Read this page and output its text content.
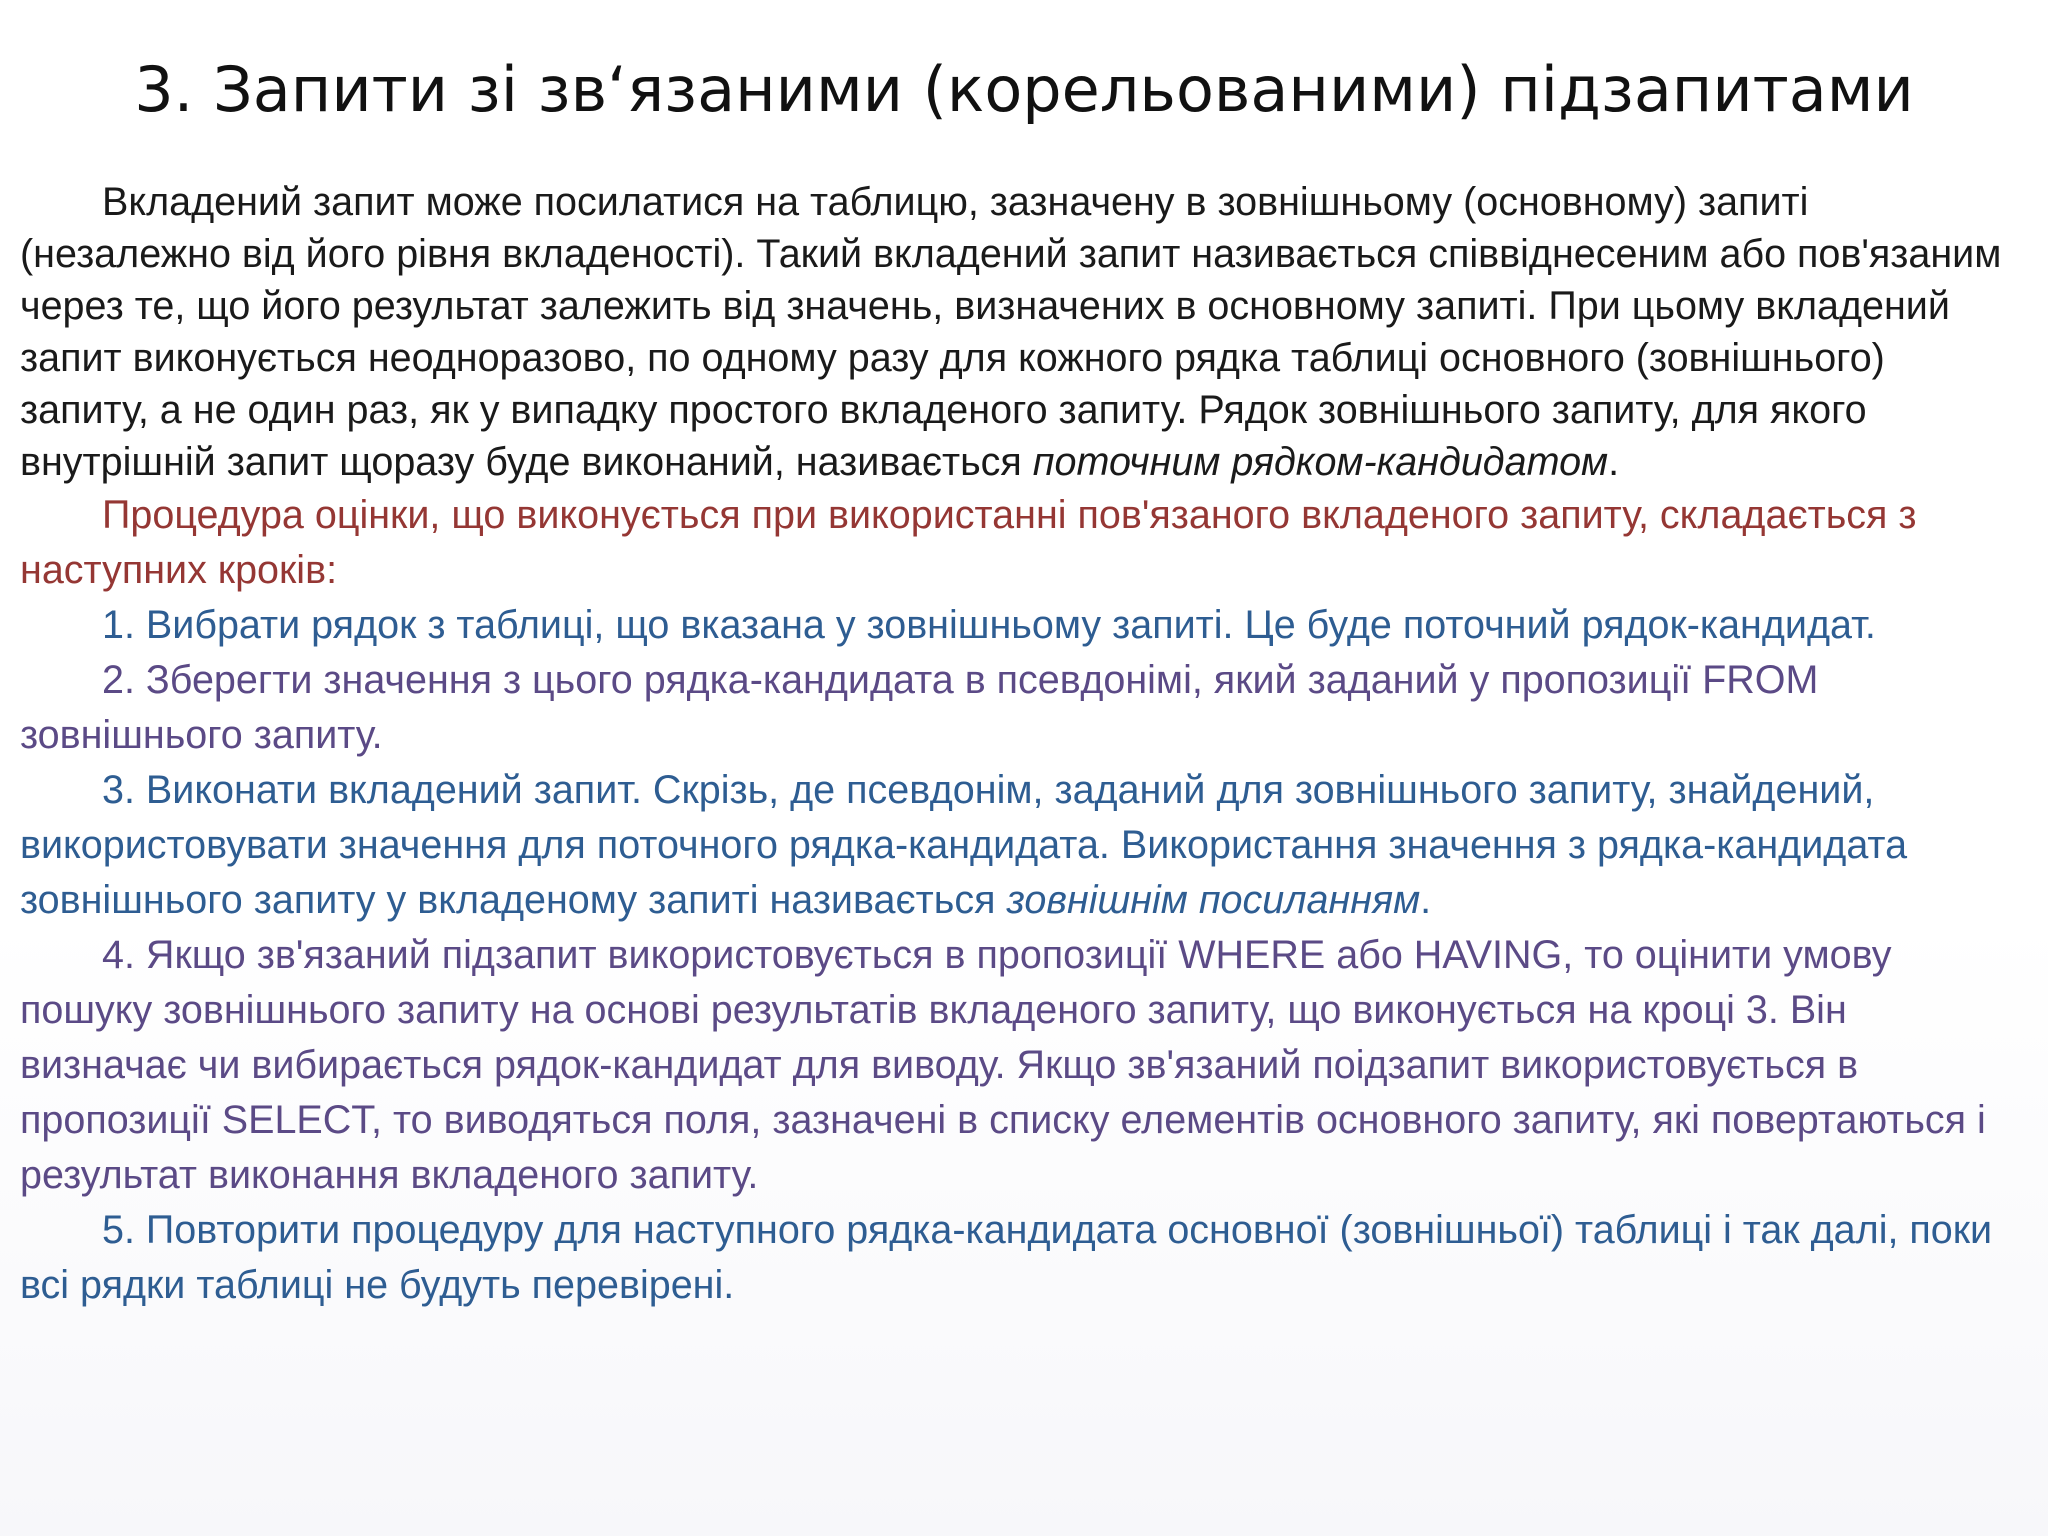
3. Запити зі зв‘язаними (корельованими) підзапитами

Вкладений запит може посилатися на таблицю, зазначену в зовнішньому (основному) запиті (незалежно від його рівня вкладеності). Такий вкладений запит називається співвіднесеним або пов'язаним через те, що його результат залежить від значень, визначених в основному запиті. При цьому вкладений запит виконується неодноразово, по одному разу для кожного рядка таблиці основного (зовнішнього) запиту, а не один раз, як у випадку простого вкладеного запиту. Рядок зовнішнього запиту, для якого внутрішній запит щоразу буде виконаний, називається поточним рядком-кандидатом.

Процедура оцінки, що виконується при використанні пов'язаного вкладеного запиту, складається з наступних кроків:

1. Вибрати рядок з таблиці, що вказана у зовнішньому запиті. Це буде поточний рядок-кандидат.

2. Зберегти значення з цього рядка-кандидата в псевдонімі, який заданий у пропозиції FROM зовнішнього запиту.

3. Виконати вкладений запит. Скрізь, де псевдонім, заданий для зовнішнього запиту, знайдений, використовувати значення для поточного рядка-кандидата. Використання значення з рядка-кандидата зовнішнього запиту у вкладеному запиті називається зовнішнім посиланням.

4. Якщо зв'язаний підзапит використовується в пропозиції WHERE або HAVING, то оцінити умову пошуку зовнішнього запиту на основі результатів вкладеного запиту, що виконується на кроці 3. Він визначає чи вибирається рядок-кандидат для виводу. Якщо зв'язаний поідзапит використовується в пропозиції SELECT, то виводяться поля, зазначені в списку елементів основного запиту, які повертаються і результат виконання вкладеного запиту.

5. Повторити процедуру для наступного рядка-кандидата основної (зовнішньої) таблиці і так далі, поки всі рядки таблиці не будуть перевірені.
